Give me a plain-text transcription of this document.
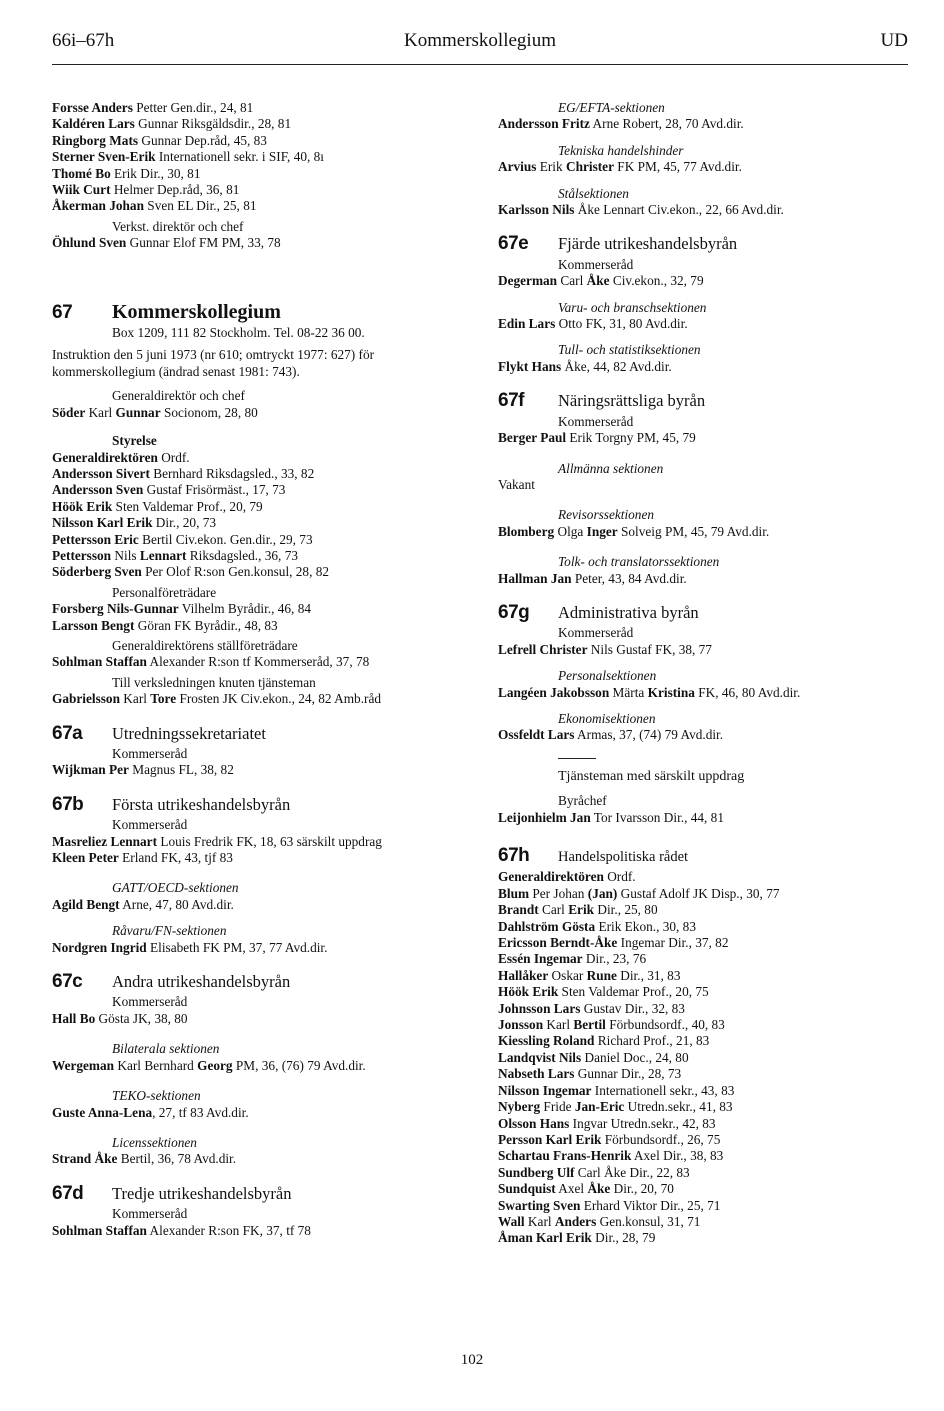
66i–67h	Kommerskollegium	UD
Forsse Anders Petter Gen.dir., 24, 81
Kaldéren Lars Gunnar Riksgäldsdir., 28, 81
Ringborg Mats Gunnar Dep.råd, 45, 83
Sterner Sven-Erik Internationell sekr. i SIF, 40, 8ı
Thomé Bo Erik Dir., 30, 81
Wiik Curt Helmer Dep.råd, 36, 81
Åkerman Johan Sven EL Dir., 25, 81
Verkst. direktör och chef
Öhlund Sven Gunnar Elof FM PM, 33, 78
67	Kommerskollegium
Box 1209, 111 82 Stockholm. Tel. 08-22 36 00.
Instruktion den 5 juni 1973 (nr 610; omtryckt 1977: 627) för kommerskollegium (ändrad senast 1981: 743).
Generaldirektör och chef
Söder Karl Gunnar Socionom, 28, 80
Styrelse
Generaldirektören Ordf.
Andersson Sivert Bernhard Riksdagsled., 33, 82
Andersson Sven Gustaf Frisörmäst., 17, 73
Höök Erik Sten Valdemar Prof., 20, 79
Nilsson Karl Erik Dir., 20, 73
Pettersson Eric Bertil Civ.ekon. Gen.dir., 29, 73
Pettersson Nils Lennart Riksdagsled., 36, 73
Söderberg Sven Per Olof R:son Gen.konsul, 28, 82
Personalföreträdare
Forsberg Nils-Gunnar Vilhelm Byrådir., 46, 84
Larsson Bengt Göran FK Byrådir., 48, 83
Generaldirektörens ställföreträdare
Sohlman Staffan Alexander R:son tf Kommerseråd, 37, 78
Till verksledningen knuten tjänsteman
Gabrielsson Karl Tore Frosten JK Civ.ekon., 24, 82 Amb.råd
67a	Utredningssekretariatet
Kommerseråd
Wijkman Per Magnus FL, 38, 82
67b	Första utrikeshandelsbyrån
Kommerseråd
Masreliez Lennart Louis Fredrik FK, 18, 63 särskilt uppdrag
Kleen Peter Erland FK, 43, tjf 83
GATT/OECD-sektionen
Agild Bengt Arne, 47, 80 Avd.dir.
Råvaru/FN-sektionen
Nordgren Ingrid Elisabeth FK PM, 37, 77 Avd.dir.
67c	Andra utrikeshandelsbyrån
Kommerseråd
Hall Bo Gösta JK, 38, 80
Bilaterala sektionen
Wergeman Karl Bernhard Georg PM, 36, (76) 79 Avd.dir.
TEKO-sektionen
Guste Anna-Lena, 27, tf 83 Avd.dir.
Licenssektionen
Strand Åke Bertil, 36, 78 Avd.dir.
67d	Tredje utrikeshandelsbyrån
Kommerseråd
Sohlman Staffan Alexander R:son FK, 37, tf 78
EG/EFTA-sektionen
Andersson Fritz Arne Robert, 28, 70 Avd.dir.
Tekniska handelshinder
Arvius Erik Christer FK PM, 45, 77 Avd.dir.
Stålsektionen
Karlsson Nils Åke Lennart Civ.ekon., 22, 66 Avd.dir.
67e	Fjärde utrikeshandelsbyrån
Kommerseråd
Degerman Carl Åke Civ.ekon., 32, 79
Varu- och branschsektionen
Edin Lars Otto FK, 31, 80 Avd.dir.
Tull- och statistiksektionen
Flykt Hans Åke, 44, 82 Avd.dir.
67f	Näringsrättsliga byrån
Kommerseråd
Berger Paul Erik Torgny PM, 45, 79
Allmänna sektionen
Vakant
Revisorssektionen
Blomberg Olga Inger Solveig PM, 45, 79 Avd.dir.
Tolk- och translatorssektionen
Hallman Jan Peter, 43, 84 Avd.dir.
67g	Administrativa byrån
Kommerseråd
Lefrell Christer Nils Gustaf FK, 38, 77
Personalsektionen
Langéen Jakobsson Märta Kristina FK, 46, 80 Avd.dir.
Ekonomisektionen
Ossfeldt Lars Armas, 37, (74) 79 Avd.dir.
Tjänsteman med särskilt uppdrag
Byråchef
Leijonhielm Jan Tor Ivarsson Dir., 44, 81
67h	Handelspolitiska rådet
Generaldirektören Ordf.
Blum Per Johan (Jan) Gustaf Adolf JK Disp., 30, 77
Brandt Carl Erik Dir., 25, 80
Dahlström Gösta Erik Ekon., 30, 83
Ericsson Berndt-Åke Ingemar Dir., 37, 82
Essén Ingemar Dir., 23, 76
Hallåker Oskar Rune Dir., 31, 83
Höök Erik Sten Valdemar Prof., 20, 75
Johnsson Lars Gustav Dir., 32, 83
Jonsson Karl Bertil Förbundsordf., 40, 83
Kiessling Roland Richard Prof., 21, 83
Landqvist Nils Daniel Doc., 24, 80
Nabseth Lars Gunnar Dir., 28, 73
Nilsson Ingemar Internationell sekr., 43, 83
Nyberg Fride Jan-Eric Utredn.sekr., 41, 83
Olsson Hans Ingvar Utredn.sekr., 42, 83
Persson Karl Erik Förbundsordf., 26, 75
Schartau Frans-Henrik Axel Dir., 38, 83
Sundberg Ulf Carl Åke Dir., 22, 83
Sundquist Axel Åke Dir., 20, 70
Swarting Sven Erhard Viktor Dir., 25, 71
Wall Karl Anders Gen.konsul, 31, 71
Åman Karl Erik Dir., 28, 79
102
